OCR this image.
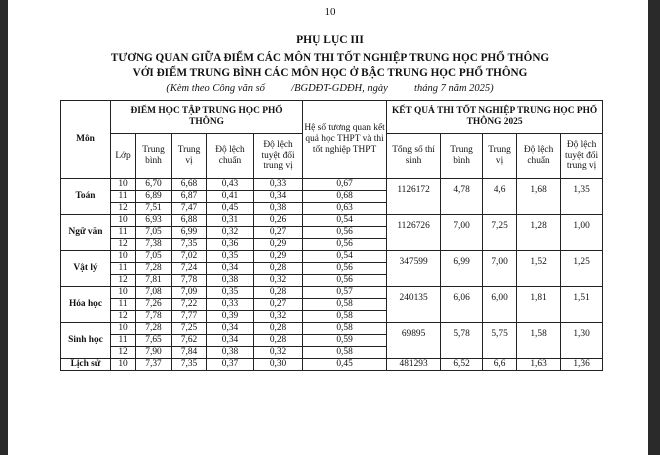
10
PHỤ LỤC III
TƯƠNG QUAN GIỮA ĐIỂM CÁC MÔN THI TỐT NGHIỆP TRUNG HỌC PHỔ THÔNG
VỚI ĐIỂM TRUNG BÌNH CÁC MÔN HỌC Ở BẬC TRUNG HỌC PHỔ THÔNG
(Kèm theo Công văn số          /BGDĐT-GDĐH, ngày          tháng 7 năm 2025)
Môn	ĐIỂM HỌC TẬP TRUNG HỌC PHỔ THÔNG					Hệ số tương quan kết quả học THPT và thi tốt nghiệp THPT	KẾT QUẢ THI TỐT NGHIỆP TRUNG HỌC PHỔ THÔNG 2025				
	Lớp	Trung bình	Trung vị	Độ lệch chuẩn	Độ lệch tuyệt đối trung vị		Tổng số thí sinh	Trung bình	Trung vị	Độ lệch chuẩn	Độ lệch tuyệt đối trung vị
Toán	10	6,70	6,68	0,43	0,33	0,67	1126172	4,78	4,6	1,68	1,35
	11	6,89	6,87	0,41	0,34	0,68					
	12	7,51	7,47	0,45	0,38	0,63					
Ngữ văn	10	6,93	6,88	0,31	0,26	0,54	1126726	7,00	7,25	1,28	1,00
	11	7,05	6,99	0,32	0,27	0,56					
	12	7,38	7,35	0,36	0,29	0,56					
Vật lý	10	7,05	7,02	0,35	0,29	0,54	347599	6,99	7,00	1,52	1,25
	11	7,28	7,24	0,34	0,28	0,56					
	12	7,81	7,78	0,38	0,32	0,56					
Hóa học	10	7,08	7,09	0,35	0,28	0,57	240135	6,06	6,00	1,81	1,51
	11	7,26	7,22	0,33	0,27	0,58					
	12	7,78	7,77	0,39	0,32	0,58					
Sinh học	10	7,28	7,25	0,34	0,28	0,58	69895	5,78	5,75	1,58	1,30
	11	7,65	7,62	0,34	0,28	0,59					
	12	7,90	7,84	0,38	0,32	0,58					
Lịch sử	10	7,37	7,35	0,37	0,30	0,45	481293	6,52	6,6	1,63	1,36
